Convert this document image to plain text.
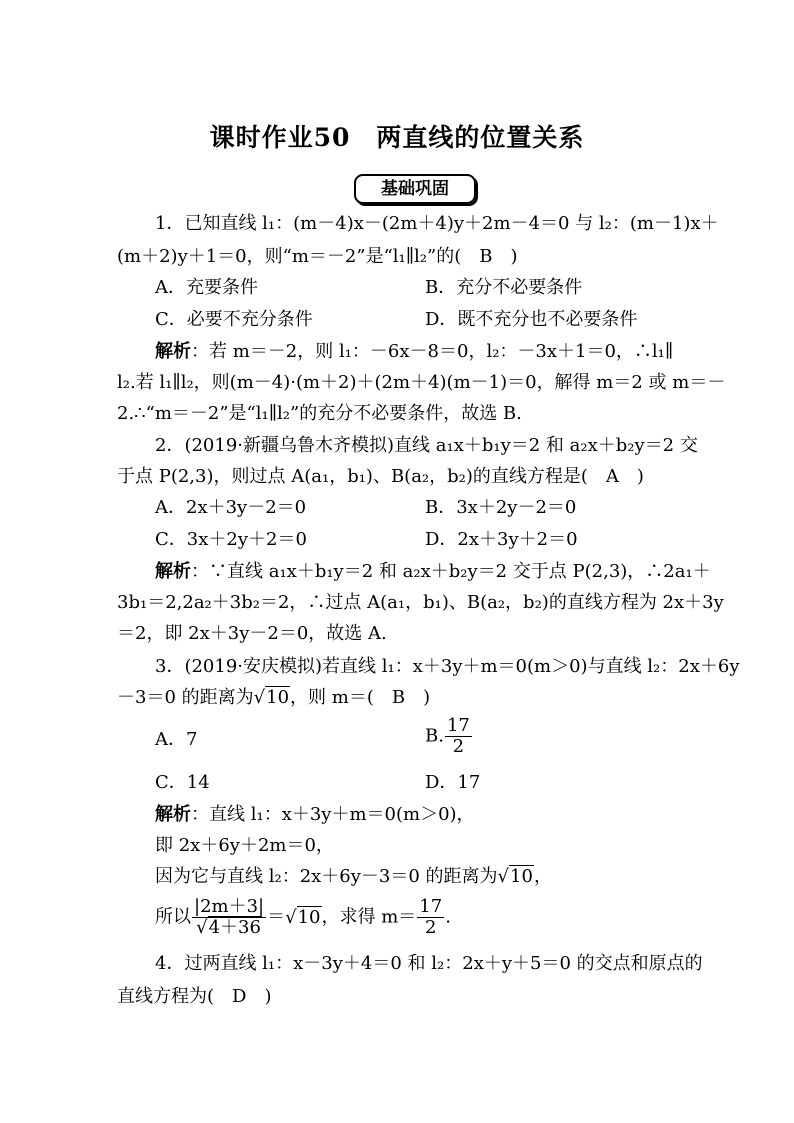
课时作业50　两直线的位置关系
基础巩固
1．已知直线 l₁：(m－4)x－(2m＋4)y＋2m－4＝0 与 l₂：(m－1)x＋
(m＋2)y＋1＝0，则“m＝－2”是“l₁∥l₂”的(　B　)
A．充要条件	B．充分不必要条件
C．必要不充分条件	D．既不充分也不必要条件
解析：若 m＝－2，则 l₁：－6x－8＝0，l₂：－3x＋1＝0，∴l₁∥
l₂.若 l₁∥l₂，则(m－4)·(m＋2)＋(2m＋4)(m－1)＝0，解得 m＝2 或 m＝－
2.∴“m＝－2”是“l₁∥l₂”的充分不必要条件，故选 B.
2．(2019·新疆乌鲁木齐模拟)直线 a₁x＋b₁y＝2 和 a₂x＋b₂y＝2 交
于点 P(2,3)，则过点 A(a₁，b₁)、B(a₂，b₂)的直线方程是(　A　)
A．2x＋3y－2＝0	B．3x＋2y－2＝0
C．3x＋2y＋2＝0	D．2x＋3y＋2＝0
解析：∵直线 a₁x＋b₁y＝2 和 a₂x＋b₂y＝2 交于点 P(2,3)，∴2a₁＋
3b₁＝2,2a₂＋3b₂＝2，∴过点 A(a₁，b₁)、B(a₂，b₂)的直线方程为 2x＋3y
＝2，即 2x＋3y－2＝0，故选 A.
3．(2019·安庆模拟)若直线 l₁：x＋3y＋m＝0(m＞0)与直线 l₂：2x＋6y
－3＝0 的距离为√10，则 m＝(　B　)
A．7	B. $\frac{17}{2}$
C．14	D．17
解析：直线 l₁：x＋3y＋m＝0(m＞0)，
即 2x＋6y＋2m＝0，
因为它与直线 l₂：2x＋6y－3＝0 的距离为√10，
所以 $\frac{|2m+3|}{√4+36} =√10$，求得 $m= \frac{17}{2}$ .
4．过两直线 l₁：x－3y＋4＝0 和 l₂：2x＋y＋5＝0 的交点和原点的
直线方程为(　D　)
